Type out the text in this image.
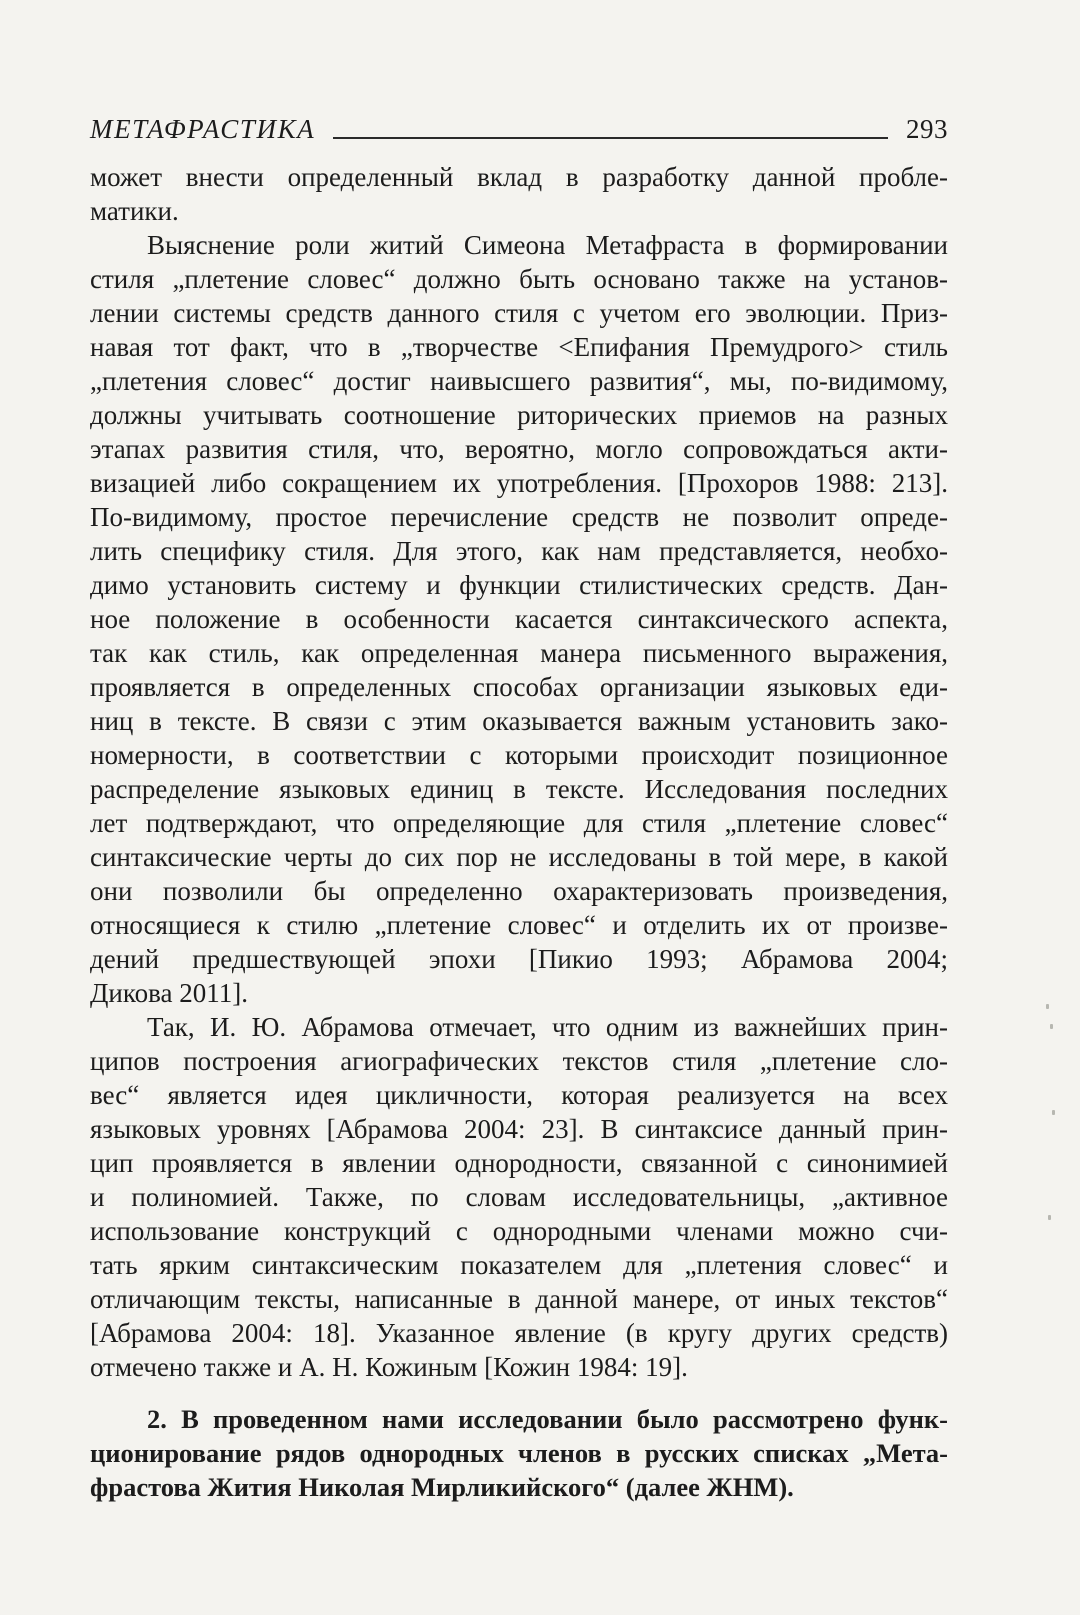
МЕТАФРАСТИКА	293
может внести определенный вклад в разработку данной пробле-
матики.
Выяснение роли житий Симеона Метафраста в формировании
стиля „плетение словес“ должно быть основано также на установ-
лении системы средств данного стиля с учетом его эволюции. Приз-
навая тот факт, что в „творчестве <Епифания Премудрого> стиль
„плетения словес“ достиг наивысшего развития“, мы, по-видимому,
должны учитывать соотношение риторических приемов на разных
этапах развития стиля, что, вероятно, могло сопровождаться акти-
визацией либо сокращением их употребления. [Прохоров 1988: 213].
По-видимому, простое перечисление средств не позволит опреде-
лить специфику стиля. Для этого, как нам представляется, необхо-
димо установить систему и функции стилистических средств. Дан-
ное положение в особенности касается синтаксического аспекта,
так как стиль, как определенная манера письменного выражения,
проявляется в определенных способах организации языковых еди-
ниц в тексте. В связи с этим оказывается важным установить зако-
номерности, в соответствии с которыми происходит позиционное
распределение языковых единиц в тексте. Исследования последних
лет подтверждают, что определяющие для стиля „плетение словес“
синтаксические черты до сих пор не исследованы в той мере, в какой
они позволили бы определенно охарактеризовать произведения,
относящиеся к стилю „плетение словес“ и отделить их от произве-
дений предшествующей эпохи [Пикио 1993; Абрамова 2004;
Дикова 2011].
Так, И. Ю. Абрамова отмечает, что одним из важнейших прин-
ципов построения агиографических текстов стиля „плетение сло-
вес“ является идея цикличности, которая реализуется на всех
языковых уровнях [Абрамова 2004: 23]. В синтаксисе данный прин-
цип проявляется в явлении однородности, связанной с синонимией
и полиномией. Также, по словам исследовательницы, „активное
использование конструкций с однородными членами можно счи-
тать ярким синтаксическим показателем для „плетения словес“ и
отличающим тексты, написанные в данной манере, от иных текстов“
[Абрамова 2004: 18]. Указанное явление (в кругу других средств)
отмечено также и А. Н. Кожиным [Кожин 1984: 19].
2. В проведенном нами исследовании было рассмотрено функ-
ционирование рядов однородных членов в русских списках „Мета-
фрастова Жития Николая Мирликийского“ (далее ЖНМ).
